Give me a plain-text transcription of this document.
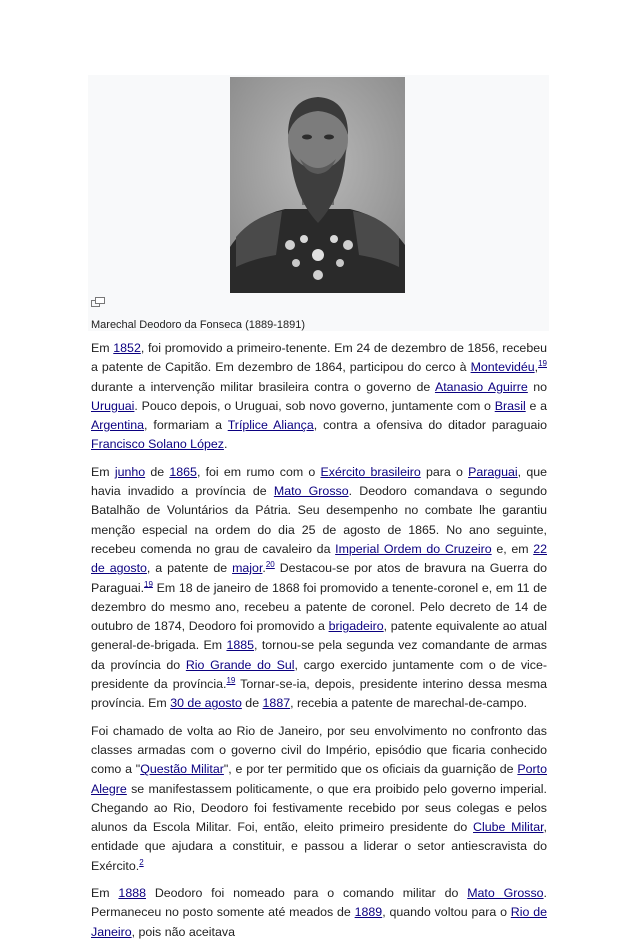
Marechal Deodoro da Fonseca (1889-1891)

Em 1852, foi promovido a primeiro-tenente. Em 24 de dezembro de 1856, recebeu a patente de Capitão. Em dezembro de 1864, participou do cerco à Montevidéu,$^{19}$ durante a intervenção militar brasileira contra o governo de Atanasio Aguirre no Uruguai. Pouco depois, o Uruguai, sob novo governo, juntamente com o Brasil e a Argentina, formariam a Tríplice Aliança, contra a ofensiva do ditador paraguaio Francisco Solano López.

Em junho de 1865, foi em rumo com o Exército brasileiro para o Paraguai, que havia invadido a província de Mato Grosso. Deodoro comandava o segundo Batalhão de Voluntários da Pátria. Seu desempenho no combate lhe garantiu menção especial na ordem do dia 25 de agosto de 1865. No ano seguinte, recebeu comenda no grau de cavaleiro da Imperial Ordem do Cruzeiro e, em 22 de agosto, a patente de major.$^{20}$ Destacou-se por atos de bravura na Guerra do Paraguai.$^{19}$ Em 18 de janeiro de 1868 foi promovido a tenente-coronel e, em 11 de dezembro do mesmo ano, recebeu a patente de coronel. Pelo decreto de 14 de outubro de 1874, Deodoro foi promovido a brigadeiro, patente equivalente ao atual general-de-brigada. Em 1885, tornou-se pela segunda vez comandante de armas da província do Rio Grande do Sul, cargo exercido juntamente com o de vice-presidente da província.$^{19}$ Tornar-se-ia, depois, presidente interino dessa mesma província. Em 30 de agosto de 1887, recebia a patente de marechal-de-campo.

Foi chamado de volta ao Rio de Janeiro, por seu envolvimento no confronto das classes armadas com o governo civil do Império, episódio que ficaria conhecido como a "Questão Militar", e por ter permitido que os oficiais da guarnição de Porto Alegre se manifestassem politicamente, o que era proibido pelo governo imperial. Chegando ao Rio, Deodoro foi festivamente recebido por seus colegas e pelos alunos da Escola Militar. Foi, então, eleito primeiro presidente do Clube Militar, entidade que ajudara a constituir, e passou a liderar o setor antiescravista do Exército.$^2$

Em 1888 Deodoro foi nomeado para o comando militar do Mato Grosso. Permaneceu no posto somente até meados de 1889, quando voltou para o Rio de Janeiro, pois não aceitava
